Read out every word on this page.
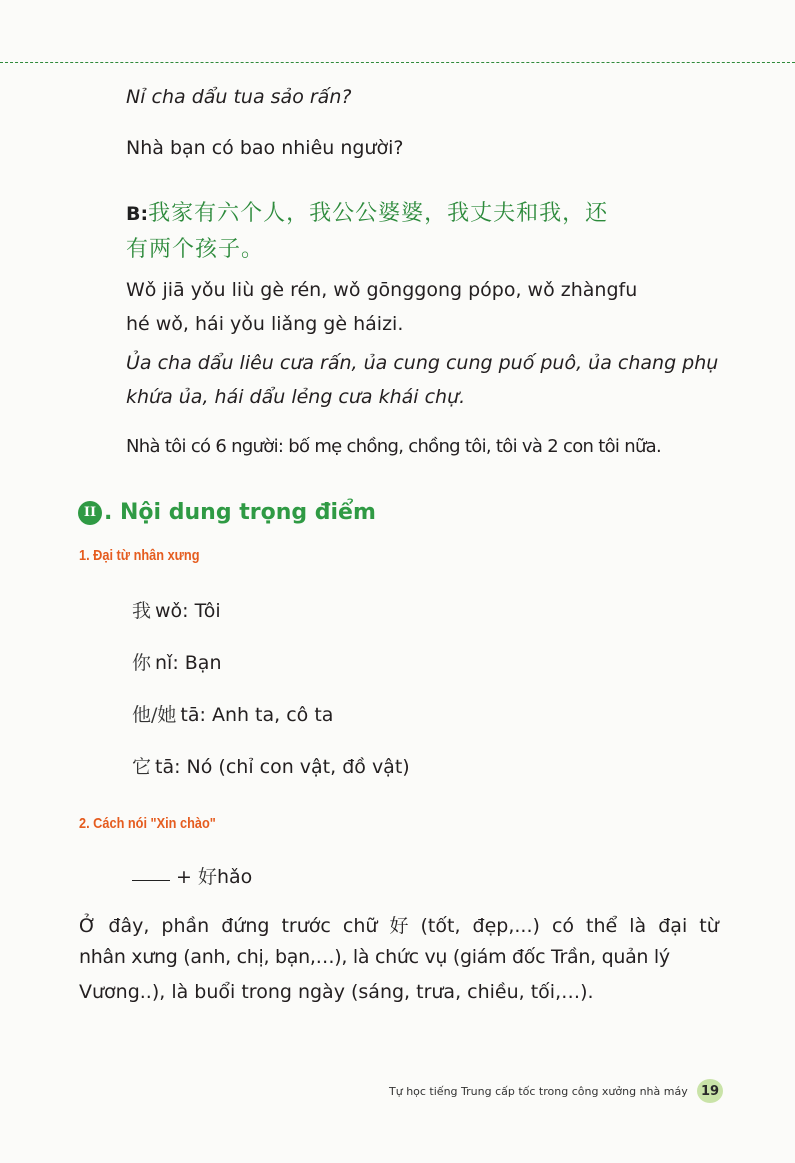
Nỉ cha dẩu tua sảo rấn?
Nhà bạn có bao nhiêu người?
B:我家有六个人，我公公婆婆，我丈夫和我，还
有两个孩子。
Wǒ jiā yǒu liù gè rén, wǒ gōnggong pópo, wǒ zhàngfu
hé wǒ, hái yǒu liǎng gè háizi.
Ủa cha dẩu liêu cưa rấn, ủa cung cung puố puô, ủa chang phụ
khứa ủa, hái dẩu lẻng cưa khái chự.
Nhà tôi có 6 người: bố mẹ chồng, chồng tôi, tôi và 2 con tôi nữa.
II . Nội dung trọng điểm
1. Đại từ nhân xưng
我 wǒ: Tôi
你 nǐ: Bạn
他/她 tā: Anh ta, cô ta
它 tā: Nó (chỉ con vật, đồ vật)
2. Cách nói "Xin chào"
+ 好hǎo
Ở đây, phần đứng trước chữ 好 (tốt, đẹp,...) có thể là đại từ
nhân xưng (anh, chị, bạn,…), là chức vụ (giám đốc Trần, quản lý
Vương..), là buổi trong ngày (sáng, trưa, chiều, tối,…).
Tự học tiếng Trung cấp tốc trong công xưởng nhà máy	19
